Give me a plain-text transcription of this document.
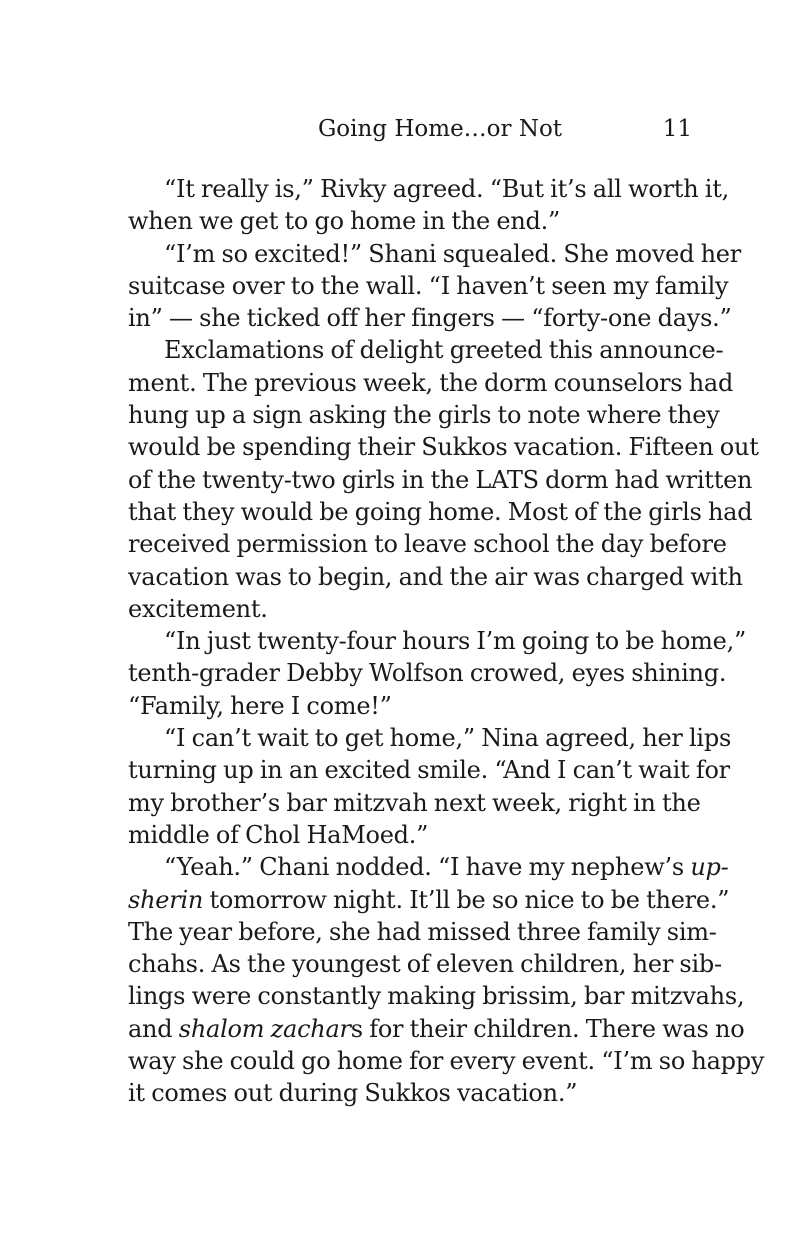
Going Home…or Not	11
“It really is,” Rivky agreed. “But it’s all worth it,
when we get to go home in the end.”
“I’m so excited!” Shani squealed. She moved her
suitcase over to the wall. “I haven’t seen my family
in” — she ticked off her fingers — “forty-one days.”
Exclamations of delight greeted this announce-
ment. The previous week, the dorm counselors had
hung up a sign asking the girls to note where they
would be spending their Sukkos vacation. Fifteen out
of the twenty-two girls in the LATS dorm had written
that they would be going home. Most of the girls had
received permission to leave school the day before
vacation was to begin, and the air was charged with
excitement.
“In just twenty-four hours I’m going to be home,”
tenth-grader Debby Wolfson crowed, eyes shining.
“Family, here I come!”
“I can’t wait to get home,” Nina agreed, her lips
turning up in an excited smile. “And I can’t wait for
my brother’s bar mitzvah next week, right in the
middle of Chol HaMoed.”
“Yeah.” Chani nodded. “I have my nephew’s up-
sherin tomorrow night. It’ll be so nice to be there.”
The year before, she had missed three family sim-
chahs. As the youngest of eleven children, her sib-
lings were constantly making brissim, bar mitzvahs,
and shalom zachars for their children. There was no
way she could go home for every event. “I’m so happy
it comes out during Sukkos vacation.”
